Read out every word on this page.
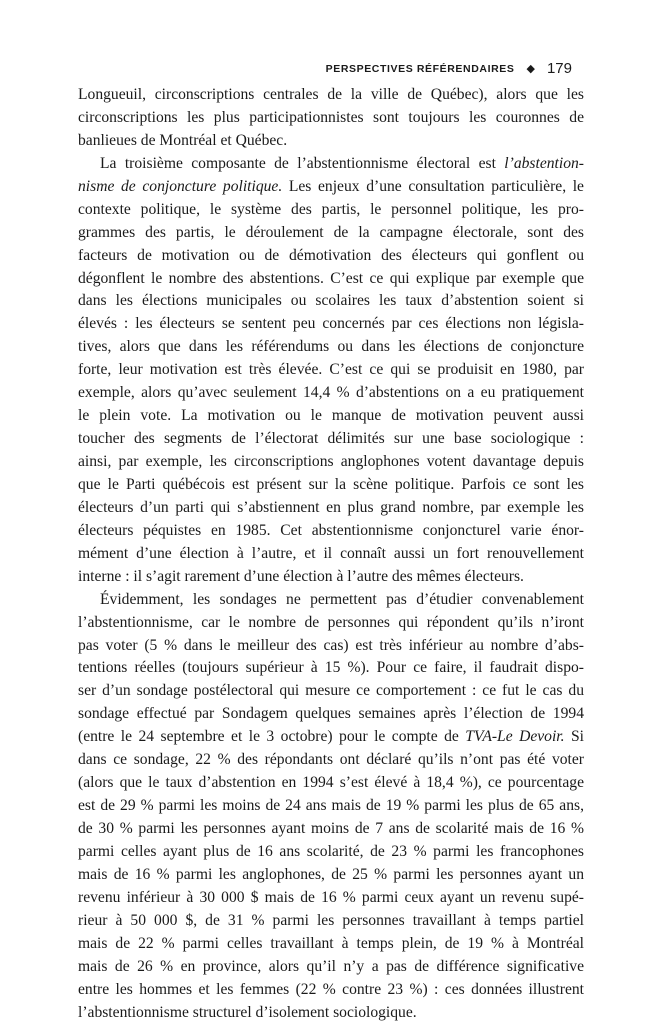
PERSPECTIVES RÉFÉRENDAIRES ◆ 179
Longueuil, circonscriptions centrales de la ville de Québec), alors que les
circonscriptions les plus participationnistes sont toujours les couronnes de
banlieues de Montréal et Québec.
La troisième composante de l’abstentionnisme électoral est l’abstention-
nisme de conjoncture politique. Les enjeux d’une consultation particulière, le
contexte politique, le système des partis, le personnel politique, les pro-
grammes des partis, le déroulement de la campagne électorale, sont des
facteurs de motivation ou de démotivation des électeurs qui gonflent ou
dégonflent le nombre des abstentions. C’est ce qui explique par exemple que
dans les élections municipales ou scolaires les taux d’abstention soient si
élevés : les électeurs se sentent peu concernés par ces élections non législa-
tives, alors que dans les référendums ou dans les élections de conjoncture
forte, leur motivation est très élevée. C’est ce qui se produisit en 1980, par
exemple, alors qu’avec seulement 14,4 % d’abstentions on a eu pratiquement
le plein vote. La motivation ou le manque de motivation peuvent aussi
toucher des segments de l’électorat délimités sur une base sociologique :
ainsi, par exemple, les circonscriptions anglophones votent davantage depuis
que le Parti québécois est présent sur la scène politique. Parfois ce sont les
électeurs d’un parti qui s’abstiennent en plus grand nombre, par exemple les
électeurs péquistes en 1985. Cet abstentionnisme conjoncturel varie énor-
mément d’une élection à l’autre, et il connaît aussi un fort renouvellement
interne : il s’agit rarement d’une élection à l’autre des mêmes électeurs.
Évidemment, les sondages ne permettent pas d’étudier convenablement
l’abstentionnisme, car le nombre de personnes qui répondent qu’ils n’iront
pas voter (5 % dans le meilleur des cas) est très inférieur au nombre d’abs-
tentions réelles (toujours supérieur à 15 %). Pour ce faire, il faudrait dispo-
ser d’un sondage postélectoral qui mesure ce comportement : ce fut le cas du
sondage effectué par Sondagem quelques semaines après l’élection de 1994
(entre le 24 septembre et le 3 octobre) pour le compte de TVA-Le Devoir. Si
dans ce sondage, 22 % des répondants ont déclaré qu’ils n’ont pas été voter
(alors que le taux d’abstention en 1994 s’est élevé à 18,4 %), ce pourcentage
est de 29 % parmi les moins de 24 ans mais de 19 % parmi les plus de 65 ans,
de 30 % parmi les personnes ayant moins de 7 ans de scolarité mais de 16 %
parmi celles ayant plus de 16 ans scolarité, de 23 % parmi les francophones
mais de 16 % parmi les anglophones, de 25 % parmi les personnes ayant un
revenu inférieur à 30 000 $ mais de 16 % parmi ceux ayant un revenu supé-
rieur à 50 000 $, de 31 % parmi les personnes travaillant à temps partiel
mais de 22 % parmi celles travaillant à temps plein, de 19 % à Montréal
mais de 26 % en province, alors qu’il n’y a pas de différence significative
entre les hommes et les femmes (22 % contre 23 %) : ces données illustrent
l’abstentionnisme structurel d’isolement sociologique.
